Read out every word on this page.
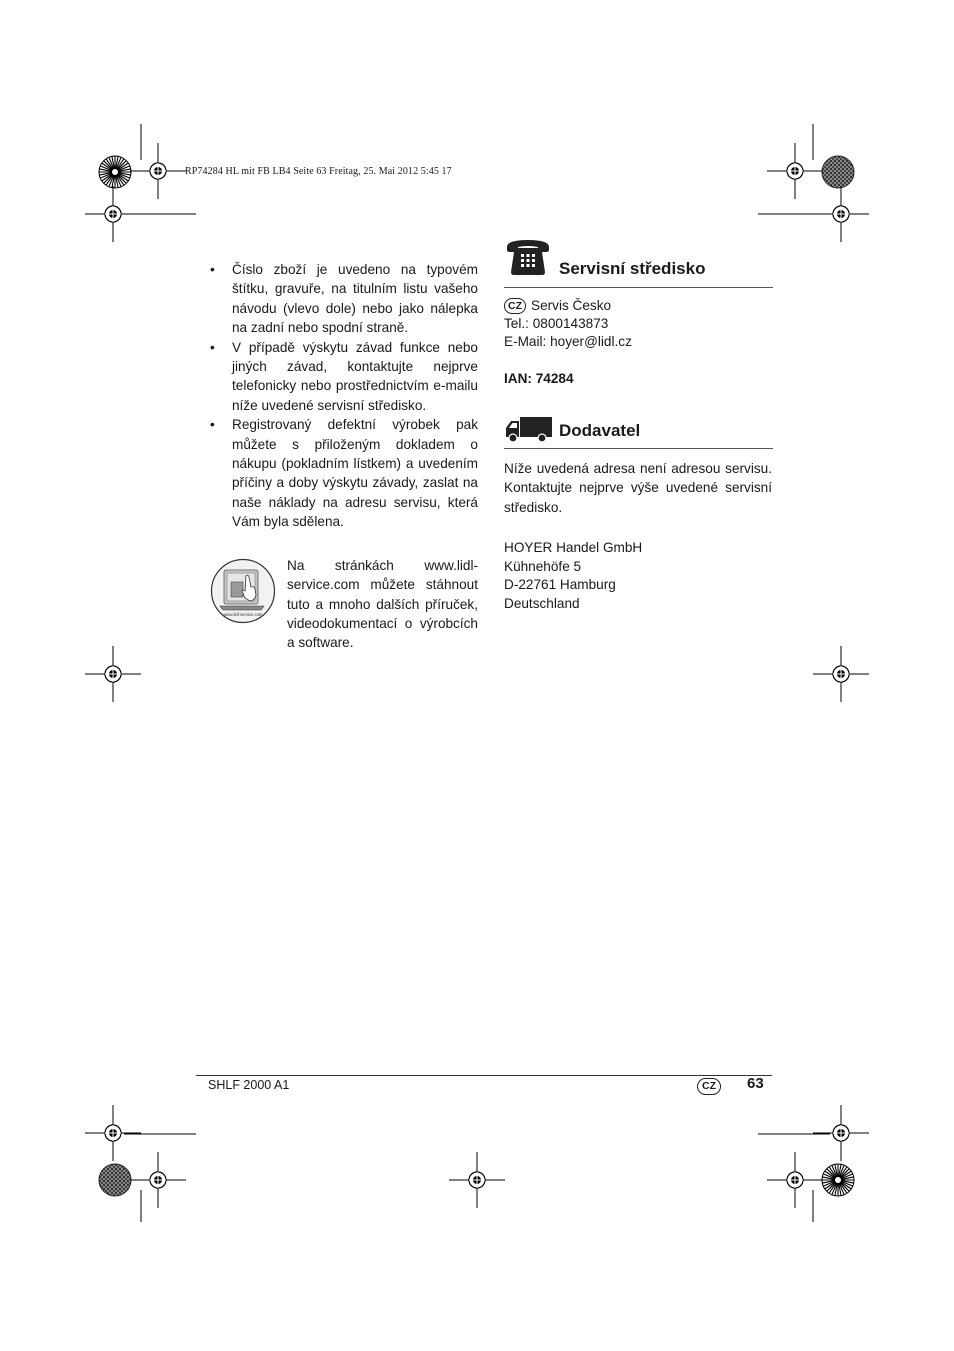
RP74284 HL mit FB LB4 Seite 63 Freitag, 25. Mai 2012 5:45 17
• Číslo zboží je uvedeno na typovém štítku, gravuře, na titulním listu vašeho návodu (vlevo dole) nebo jako nálepka na zadní nebo spodní straně.
• V případě výskytu závad funkce nebo jiných závad, kontaktujte nejprve telefonicky nebo prostřednictvím e-mailu níže uvedené servisní středisko.
• Registrovaný defektní výrobek pak můžete s přiloženým dokladem o nákupu (pokladním lístkem) a uvedením příčiny a doby výskytu závady, zaslat na naše náklady na adresu servisu, která Vám byla sdělena.
www.lidl-service.com
Na stránkách www.lidl-service.com můžete stáhnout tuto a mnoho dalších příruček, videodokumentací o výrobcích a software.
Servisní středisko
CZ Servis Česko
Tel.: 0800143873
E-Mail: hoyer@lidl.cz
IAN: 74284
Dodavatel
Níže uvedená adresa není adresou servisu. Kontaktujte nejprve výše uvedené servisní středisko.
HOYER Handel GmbH
Kühnehöfe 5
D-22761 Hamburg
Deutschland
SHLF 2000 A1	CZ	63
